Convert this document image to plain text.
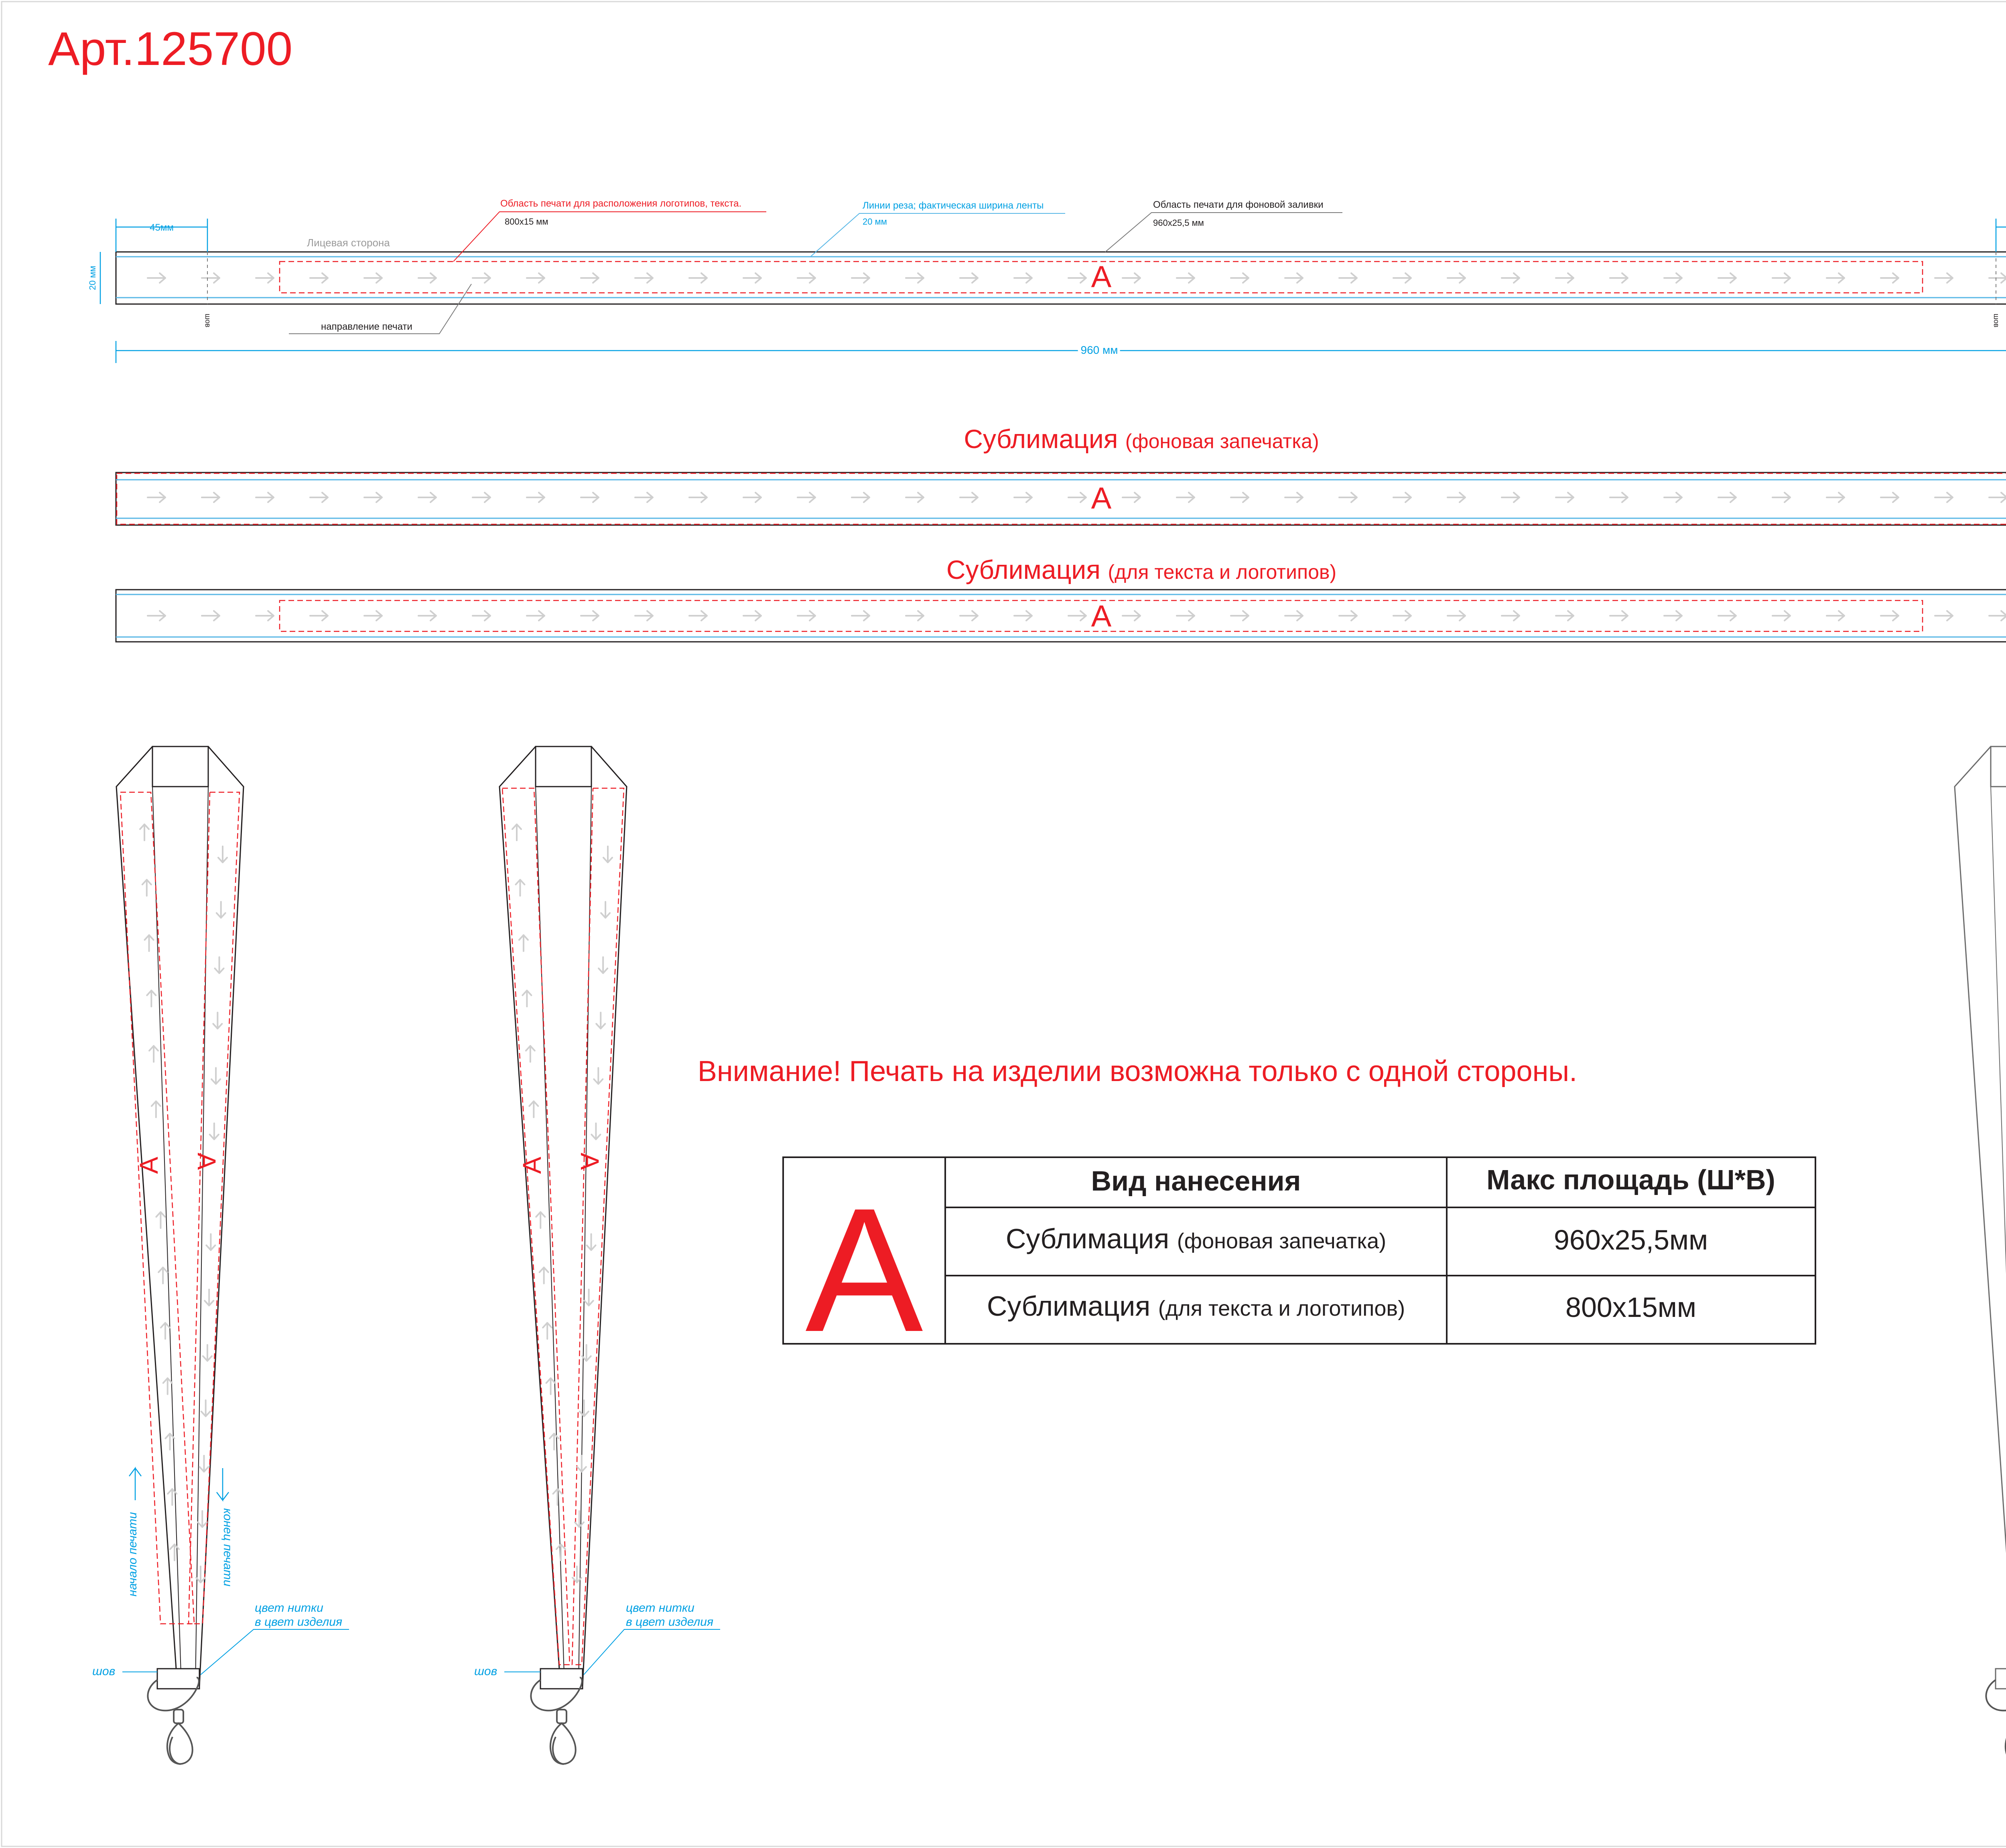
Арт.125700
А
шов	шов
45мм
20 мм
960 мм
Область печати для расположения логотипов, текста.
800х15 мм
Линии реза; фактическая ширина ленты
20 мм
Область печати для фоновой заливки
960х25,5 мм
Лицевая сторона
направление печати
Сублимация (фоновая запечатка)
А
Сублимация (для текста и логотипов)
А
А А
начало печати	конец печати
цвет нитки
в цвет изделия
шов
А А
цвет нитки
в цвет изделия
шов
Внимание! Печать на изделии возможна только с одной стороны.
А	Вид нанесения	Макс площадь (Ш*В)
Сублимация (фоновая запечатка)	960х25,5мм
Сублимация (для текста и логотипов)	800х15мм
